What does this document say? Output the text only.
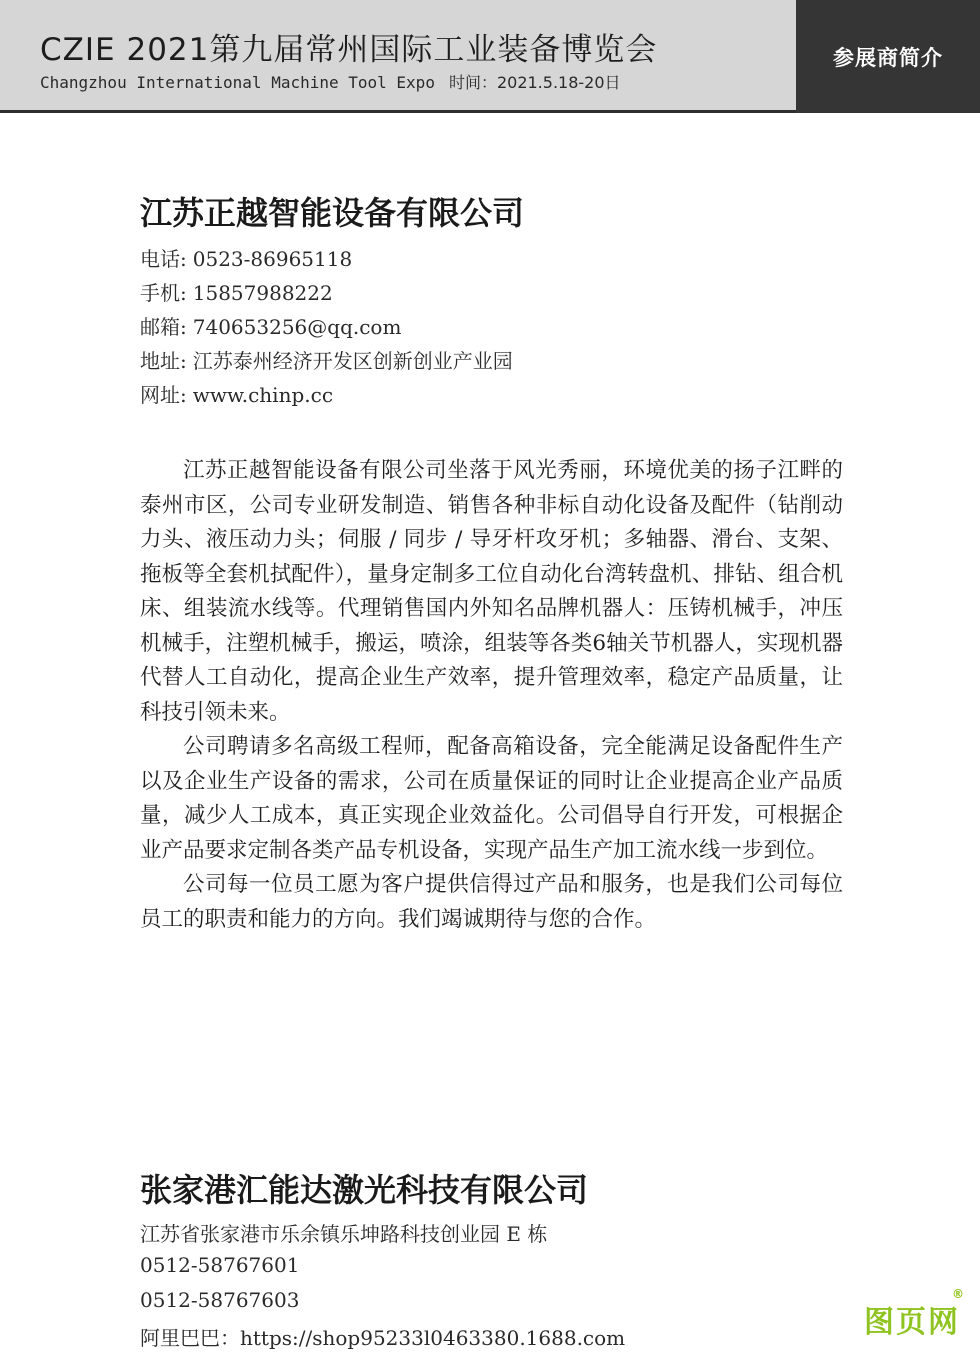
CZIE 2021第九届常州国际工业装备博览会
Changzhou International Machine Tool Expo 时间：2021.5.18-20日
参展商简介
江苏正越智能设备有限公司
电话: 0523-86965118
手机: 15857988222
邮箱: 740653256@qq.com
地址: 江苏泰州经济开发区创新创业产业园
网址: www.chinp.cc

江苏正越智能设备有限公司坐落于风光秀丽，环境优美的扬子江畔的泰州市区，公司专业研发制造、销售各种非标自动化设备及配件（钻削动力头、液压动力头；伺服 / 同步 / 导牙杆攻牙机；多轴器、滑台、支架、拖板等全套机拭配件），量身定制多工位自动化台湾转盘机、排钻、组合机床、组装流水线等。代理销售国内外知名品牌机器人：压铸机械手，冲压机械手，注塑机械手，搬运，喷涂，组装等各类6轴关节机器人，实现机器代替人工自动化，提高企业生产效率，提升管理效率，稳定产品质量，让科技引领未来。

公司聘请多名高级工程师，配备高箱设备，完全能满足设备配件生产以及企业生产设备的需求，公司在质量保证的同时让企业提高企业产品质量，减少人工成本，真正实现企业效益化。公司倡导自行开发，可根据企业产品要求定制各类产品专机设备，实现产品生产加工流水线一步到位。

公司每一位员工愿为客户提供信得过产品和服务，也是我们公司每位员工的职责和能力的方向。我们竭诚期待与您的合作。

张家港汇能达激光科技有限公司
江苏省张家港市乐余镇乐坤路科技创业园 E 栋
0512-58767601
0512-58767603
阿里巴巴：https://shop95233l0463380.1688.com	图页网
®
